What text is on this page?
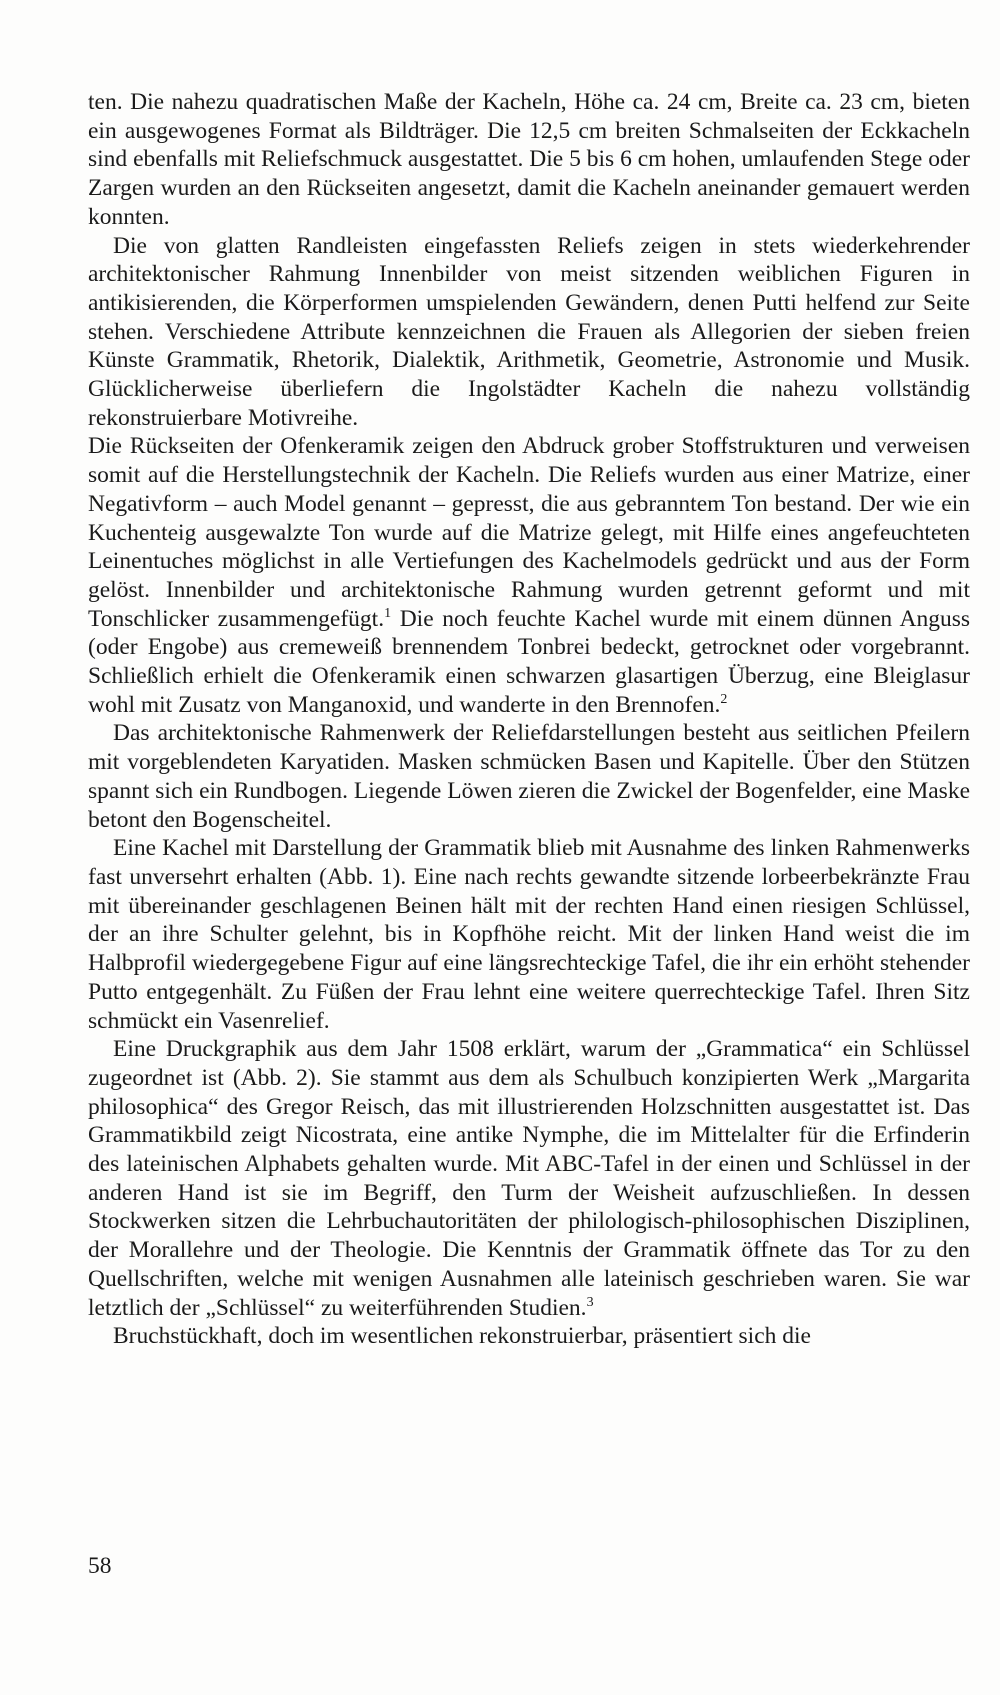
ten. Die nahezu quadratischen Maße der Kacheln, Höhe ca. 24 cm, Breite ca. 23 cm, bieten ein ausgewogenes Format als Bildträger. Die 12,5 cm breiten Schmalseiten der Eckkacheln sind ebenfalls mit Reliefschmuck ausgestattet. Die 5 bis 6 cm hohen, umlaufenden Stege oder Zargen wurden an den Rückseiten angesetzt, damit die Kacheln aneinander gemauert werden konnten.

Die von glatten Randleisten eingefassten Reliefs zeigen in stets wiederkehrender architektonischer Rahmung Innenbilder von meist sitzenden weiblichen Figuren in antikisierenden, die Körperformen umspielenden Gewändern, denen Putti helfend zur Seite stehen. Verschiedene Attribute kennzeichnen die Frauen als Allegorien der sieben freien Künste Grammatik, Rhetorik, Dialektik, Arithmetik, Geometrie, Astronomie und Musik. Glücklicherweise überliefern die Ingolstädter Kacheln die nahezu vollständig rekonstruierbare Motivreihe.

Die Rückseiten der Ofenkeramik zeigen den Abdruck grober Stoffstrukturen und verweisen somit auf die Herstellungstechnik der Kacheln. Die Reliefs wurden aus einer Matrize, einer Negativform – auch Model genannt – gepresst, die aus gebranntem Ton bestand. Der wie ein Kuchenteig ausgewalzte Ton wurde auf die Matrize gelegt, mit Hilfe eines angefeuchteten Leinentuches möglichst in alle Vertiefungen des Kachelmodels gedrückt und aus der Form gelöst. Innenbilder und architektonische Rahmung wurden getrennt geformt und mit Tonschlicker zusammengefügt.$^1$ Die noch feuchte Kachel wurde mit einem dünnen Anguss (oder Engobe) aus cremeweiß brennendem Tonbrei bedeckt, getrocknet oder vorgebrannt. Schließlich erhielt die Ofenkeramik einen schwarzen glasartigen Überzug, eine Bleiglasur wohl mit Zusatz von Manganoxid, und wanderte in den Brennofen.$^2$

Das architektonische Rahmenwerk der Reliefdarstellungen besteht aus seitlichen Pfeilern mit vorgeblendeten Karyatiden. Masken schmücken Basen und Kapitelle. Über den Stützen spannt sich ein Rundbogen. Liegende Löwen zieren die Zwickel der Bogenfelder, eine Maske betont den Bogenscheitel.

Eine Kachel mit Darstellung der Grammatik blieb mit Ausnahme des linken Rahmenwerks fast unversehrt erhalten (Abb. 1). Eine nach rechts gewandte sitzende lorbeerbekränzte Frau mit übereinander geschlagenen Beinen hält mit der rechten Hand einen riesigen Schlüssel, der an ihre Schulter gelehnt, bis in Kopfhöhe reicht. Mit der linken Hand weist die im Halbprofil wiedergegebene Figur auf eine längsrechteckige Tafel, die ihr ein erhöht stehender Putto entgegenhält. Zu Füßen der Frau lehnt eine weitere querrechteckige Tafel. Ihren Sitz schmückt ein Vasenrelief.

Eine Druckgraphik aus dem Jahr 1508 erklärt, warum der „Grammatica“ ein Schlüssel zugeordnet ist (Abb. 2). Sie stammt aus dem als Schulbuch konzipierten Werk „Margarita philosophica“ des Gregor Reisch, das mit illustrierenden Holzschnitten ausgestattet ist. Das Grammatikbild zeigt Nicostrata, eine antike Nymphe, die im Mittelalter für die Erfinderin des lateinischen Alphabets gehalten wurde. Mit ABC-Tafel in der einen und Schlüssel in der anderen Hand ist sie im Begriff, den Turm der Weisheit aufzuschließen. In dessen Stockwerken sitzen die Lehrbuchautoritäten der philologisch-philosophischen Disziplinen, der Morallehre und der Theologie. Die Kenntnis der Grammatik öffnete das Tor zu den Quellschriften, welche mit wenigen Ausnahmen alle lateinisch geschrieben waren. Sie war letztlich der „Schlüssel“ zu weiterführenden Studien.$^3$

Bruchstückhaft, doch im wesentlichen rekonstruierbar, präsentiert sich die

58
